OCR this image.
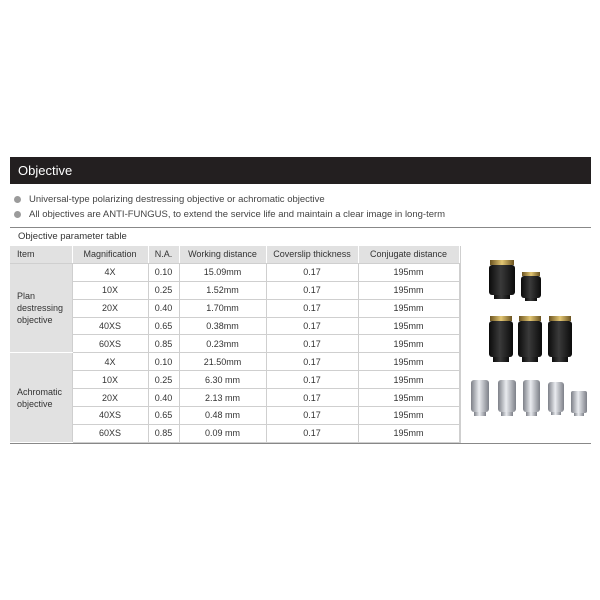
Objective
Universal-type polarizing destressing objective or achromatic objective
All objectives are ANTI-FUNGUS, to extend the service life and maintain a clear image in long-term
Objective parameter table
Item	Magnification	N.A.	Working distance	Coverslip thickness	Conjugate distance

Plan
destressing
objective	4X	0.10	15.09mm	0.17	195mm
	10X	0.25	1.52mm	0.17	195mm
	20X	0.40	1.70mm	0.17	195mm
	40XS	0.65	0.38mm	0.17	195mm
	60XS	0.85	0.23mm	0.17	195mm

Achromatic
objective	4X	0.10	21.50mm	0.17	195mm
	10X	0.25	6.30 mm	0.17	195mm
	20X	0.40	2.13 mm	0.17	195mm
	40XS	0.65	0.48 mm	0.17	195mm
	60XS	0.85	0.09 mm	0.17	195mm
